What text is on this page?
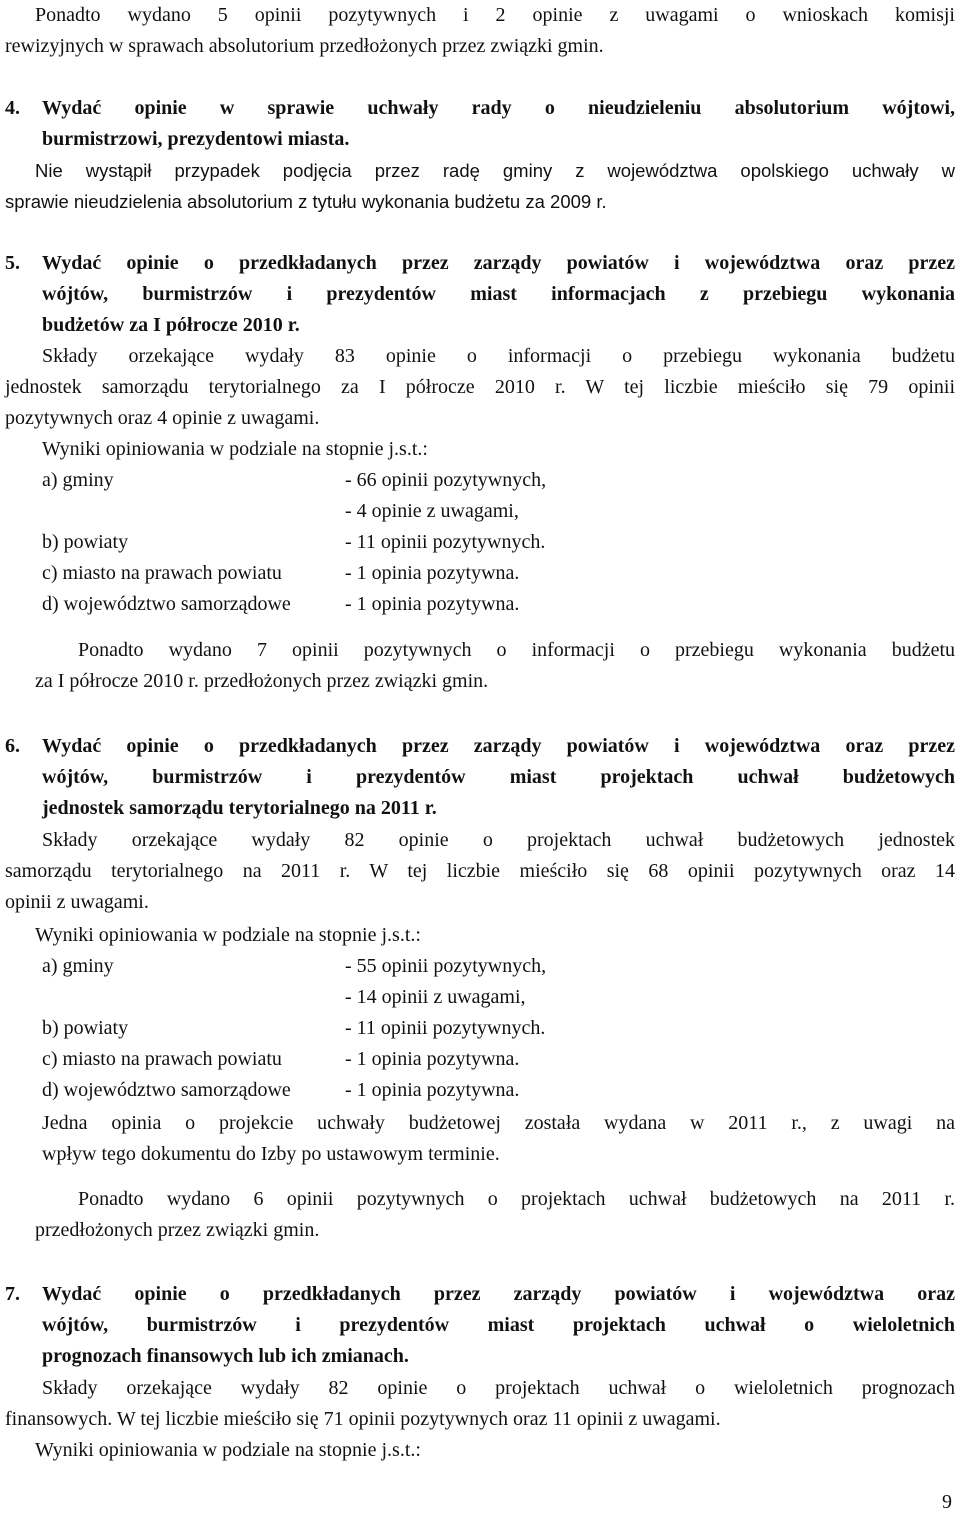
Ponadto wydano 5 opinii pozytywnych i 2 opinie z uwagami o wnioskach komisji
rewizyjnych w sprawach absolutorium przedłożonych przez związki gmin.
4. Wydać opinie w sprawie uchwały rady o nieudzieleniu absolutorium wójtowi,
burmistrzowi, prezydentowi miasta.
Nie wystąpił przypadek podjęcia przez radę gminy z województwa opolskiego uchwały w
sprawie nieudzielenia absolutorium z tytułu wykonania budżetu za 2009 r.
5. Wydać opinie o przedkładanych przez zarządy powiatów i województwa oraz przez
wójtów, burmistrzów i prezydentów miast informacjach z przebiegu wykonania
budżetów za I półrocze 2010 r.
Składy orzekające wydały 83 opinie o informacji o przebiegu wykonania budżetu
jednostek samorządu terytorialnego za I półrocze 2010 r. W tej liczbie mieściło się 79 opinii
pozytywnych oraz 4 opinie z uwagami.
Wyniki opiniowania w podziale na stopnie j.s.t.:
a) gminy	- 66 opinii pozytywnych,
- 4 opinie z uwagami,
b) powiaty	- 11 opinii pozytywnych.
c) miasto na prawach powiatu	- 1 opinia pozytywna.
d) województwo samorządowe	- 1 opinia pozytywna.
Ponadto wydano 7 opinii pozytywnych o informacji o przebiegu wykonania budżetu
za I półrocze 2010 r. przedłożonych przez związki gmin.
6. Wydać opinie o przedkładanych przez zarządy powiatów i województwa oraz przez
wójtów, burmistrzów i prezydentów miast projektach uchwał budżetowych
jednostek samorządu terytorialnego na 2011 r.
Składy orzekające wydały 82 opinie o projektach uchwał budżetowych jednostek
samorządu terytorialnego na 2011 r. W tej liczbie mieściło się 68 opinii pozytywnych oraz 14
opinii z uwagami.
Wyniki opiniowania w podziale na stopnie j.s.t.:
a) gminy	- 55 opinii pozytywnych,
- 14 opinii z uwagami,
b) powiaty	- 11 opinii pozytywnych.
c) miasto na prawach powiatu	- 1 opinia pozytywna.
d) województwo samorządowe	- 1 opinia pozytywna.
Jedna opinia o projekcie uchwały budżetowej została wydana w 2011 r., z uwagi na
wpływ tego dokumentu do Izby po ustawowym terminie.
Ponadto wydano 6 opinii pozytywnych o projektach uchwał budżetowych na 2011 r.
przedłożonych przez związki gmin.
7. Wydać opinie o przedkładanych przez zarządy powiatów i województwa oraz
wójtów, burmistrzów i prezydentów miast projektach uchwał o wieloletnich
prognozach finansowych lub ich zmianach.
Składy orzekające wydały 82 opinie o projektach uchwał o wieloletnich prognozach
finansowych. W tej liczbie mieściło się 71 opinii pozytywnych oraz 11 opinii z uwagami.
Wyniki opiniowania w podziale na stopnie j.s.t.:
9
